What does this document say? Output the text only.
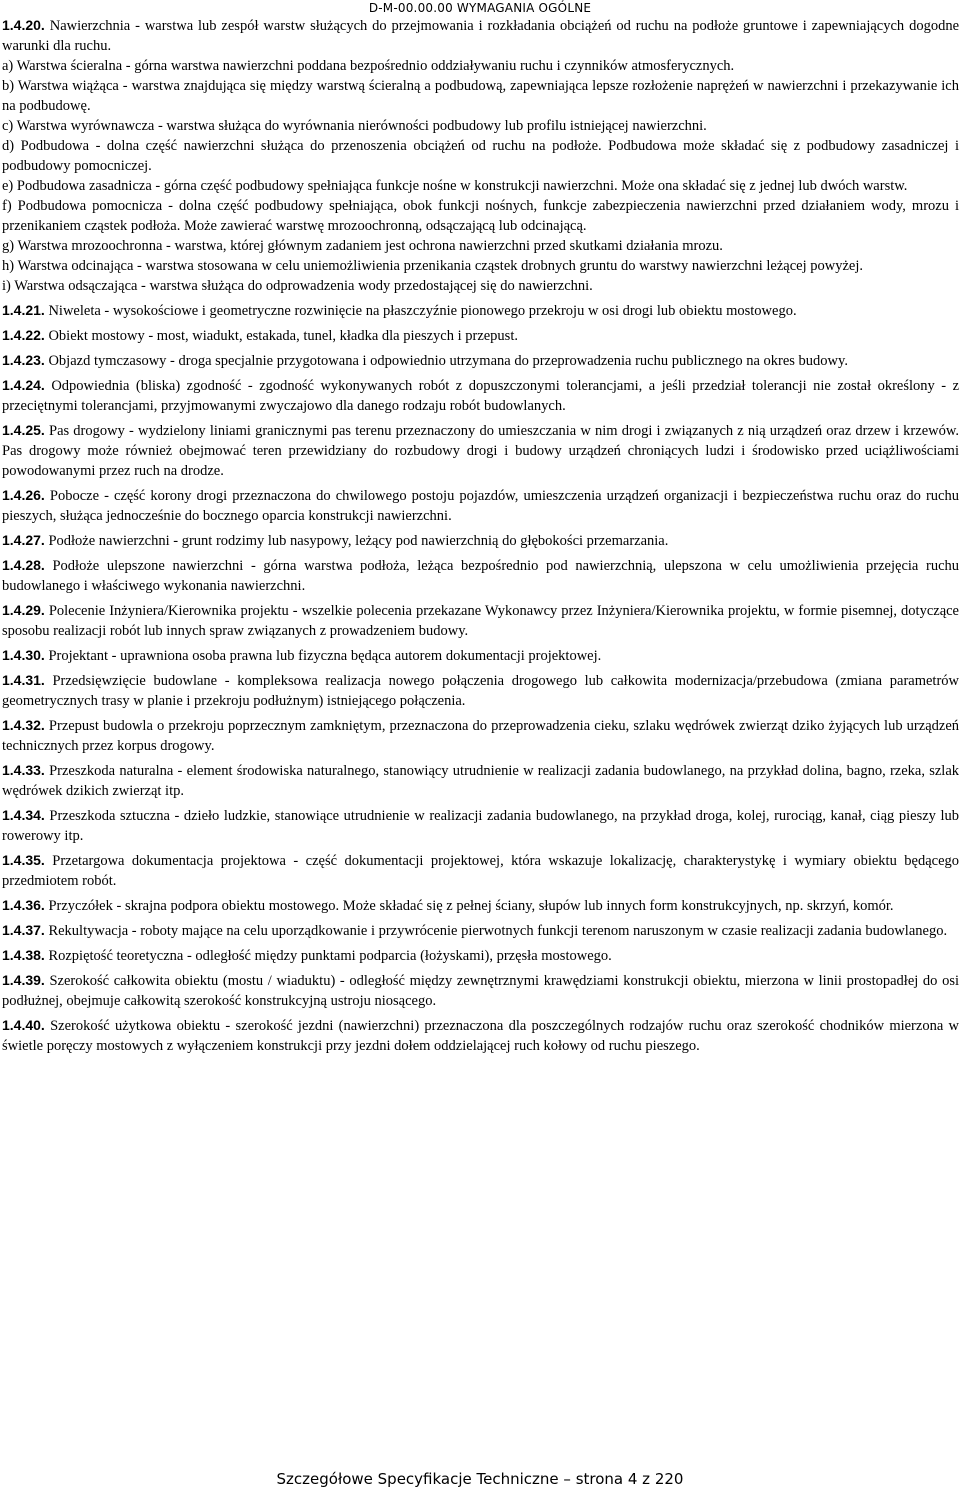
D-M-00.00.00 WYMAGANIA OGÓLNE
1.4.20. Nawierzchnia - warstwa lub zespół warstw służących do przejmowania i rozkładania obciążeń od ruchu na podłoże gruntowe i zapewniających dogodne warunki dla ruchu.
a) Warstwa ścieralna - górna warstwa nawierzchni poddana bezpośrednio oddziaływaniu ruchu i czynników atmosferycznych.
b) Warstwa wiążąca - warstwa znajdująca się między warstwą ścieralną a podbudową, zapewniająca lepsze rozłożenie naprężeń w nawierzchni i przekazywanie ich na podbudowę.
c) Warstwa wyrównawcza - warstwa służąca do wyrównania nierówności podbudowy lub profilu istniejącej nawierzchni.
d) Podbudowa - dolna część nawierzchni służąca do przenoszenia obciążeń od ruchu na podłoże. Podbudowa może składać się z podbudowy zasadniczej i podbudowy pomocniczej.
e) Podbudowa zasadnicza - górna część podbudowy spełniająca funkcje nośne w konstrukcji nawierzchni. Może ona składać się z jednej lub dwóch warstw.
f) Podbudowa pomocnicza - dolna część podbudowy spełniająca, obok funkcji nośnych, funkcje zabezpieczenia nawierzchni przed działaniem wody, mrozu i przenikaniem cząstek podłoża. Może zawierać warstwę mrozoochronną, odsączającą lub odcinającą.
g) Warstwa mrozoochronna - warstwa, której głównym zadaniem jest ochrona nawierzchni przed skutkami działania mrozu.
h) Warstwa odcinająca - warstwa stosowana w celu uniemożliwienia przenikania cząstek drobnych gruntu do warstwy nawierzchni leżącej powyżej.
i) Warstwa odsączająca - warstwa służąca do odprowadzenia wody przedostającej się do nawierzchni.
1.4.21. Niweleta - wysokościowe i geometryczne rozwinięcie na płaszczyźnie pionowego przekroju w osi drogi lub obiektu mostowego.
1.4.22. Obiekt mostowy - most, wiadukt, estakada, tunel, kładka dla pieszych i przepust.
1.4.23. Objazd tymczasowy - droga specjalnie przygotowana i odpowiednio utrzymana do przeprowadzenia ruchu publicznego na okres budowy.
1.4.24. Odpowiednia (bliska) zgodność - zgodność wykonywanych robót z dopuszczonymi tolerancjami, a jeśli przedział tolerancji nie został określony - z przeciętnymi tolerancjami, przyjmowanymi zwyczajowo dla danego rodzaju robót budowlanych.
1.4.25. Pas drogowy - wydzielony liniami granicznymi pas terenu przeznaczony do umieszczania w nim drogi i związanych z nią urządzeń oraz drzew i krzewów. Pas drogowy może również obejmować teren przewidziany do rozbudowy drogi i budowy urządzeń chroniących ludzi i środowisko przed uciążliwościami powodowanymi przez ruch na drodze.
1.4.26. Pobocze - część korony drogi przeznaczona do chwilowego postoju pojazdów, umieszczenia urządzeń organizacji i bezpieczeństwa ruchu oraz do ruchu pieszych, służąca jednocześnie do bocznego oparcia konstrukcji nawierzchni.
1.4.27. Podłoże nawierzchni - grunt rodzimy lub nasypowy, leżący pod nawierzchnią do głębokości przemarzania.
1.4.28. Podłoże ulepszone nawierzchni - górna warstwa podłoża, leżąca bezpośrednio pod nawierzchnią, ulepszona w celu umożliwienia przejęcia ruchu budowlanego i właściwego wykonania nawierzchni.
1.4.29. Polecenie Inżyniera/Kierownika projektu - wszelkie polecenia przekazane Wykonawcy przez Inżyniera/Kierownika projektu, w formie pisemnej, dotyczące sposobu realizacji robót lub innych spraw związanych z prowadzeniem budowy.
1.4.30. Projektant - uprawniona osoba prawna lub fizyczna będąca autorem dokumentacji projektowej.
1.4.31. Przedsięwzięcie budowlane - kompleksowa realizacja nowego połączenia drogowego lub całkowita modernizacja/przebudowa (zmiana parametrów geometrycznych trasy w planie i przekroju podłużnym) istniejącego połączenia.
1.4.32. Przepust budowla o przekroju poprzecznym zamkniętym, przeznaczona do przeprowadzenia cieku, szlaku wędrówek zwierząt dziko żyjących lub urządzeń technicznych przez korpus drogowy.
1.4.33. Przeszkoda naturalna - element środowiska naturalnego, stanowiący utrudnienie w realizacji zadania budowlanego, na przykład dolina, bagno, rzeka, szlak wędrówek dzikich zwierząt itp.
1.4.34. Przeszkoda sztuczna - dzieło ludzkie, stanowiące utrudnienie w realizacji zadania budowlanego, na przykład droga, kolej, rurociąg, kanał, ciąg pieszy lub rowerowy itp.
1.4.35. Przetargowa dokumentacja projektowa - część dokumentacji projektowej, która wskazuje lokalizację, charakterystykę i wymiary obiektu będącego przedmiotem robót.
1.4.36. Przyczółek - skrajna podpora obiektu mostowego. Może składać się z pełnej ściany, słupów lub innych form konstrukcyjnych, np. skrzyń, komór.
1.4.37. Rekultywacja - roboty mające na celu uporządkowanie i przywrócenie pierwotnych funkcji terenom naruszonym w czasie realizacji zadania budowlanego.
1.4.38. Rozpiętość teoretyczna - odległość między punktami podparcia (łożyskami), przęsła mostowego.
1.4.39. Szerokość całkowita obiektu (mostu / wiaduktu) - odległość między zewnętrznymi krawędziami konstrukcji obiektu, mierzona w linii prostopadłej do osi podłużnej, obejmuje całkowitą szerokość konstrukcyjną ustroju niosącego.
1.4.40. Szerokość użytkowa obiektu - szerokość jezdni (nawierzchni) przeznaczona dla poszczególnych rodzajów ruchu oraz szerokość chodników mierzona w świetle poręczy mostowych z wyłączeniem konstrukcji przy jezdni dołem oddzielającej ruch kołowy od ruchu pieszego.
Szczegółowe Specyfikacje Techniczne – strona 4 z 220
